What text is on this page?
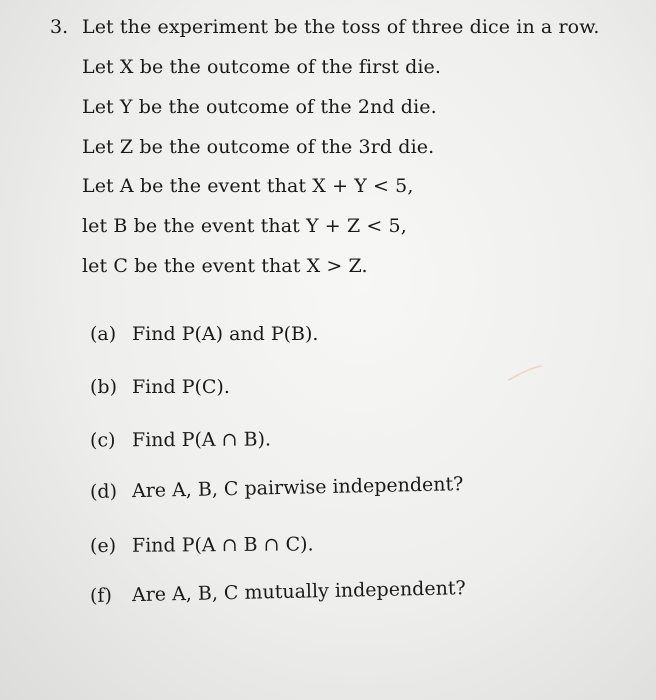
3. Let the experiment be the toss of three dice in a row.
Let X be the outcome of the first die.
Let Y be the outcome of the 2nd die.
Let Z be the outcome of the 3rd die.
Let A be the event that X + Y < 5,
let B be the event that Y + Z < 5,
let C be the event that X > Z.
(a) Find P(A) and P(B).
(b) Find P(C).
(c) Find P(A ∩ B).
(d) Are A, B, C pairwise independent?
(e) Find P(A ∩ B ∩ C).
(f) Are A, B, C mutually independent?
